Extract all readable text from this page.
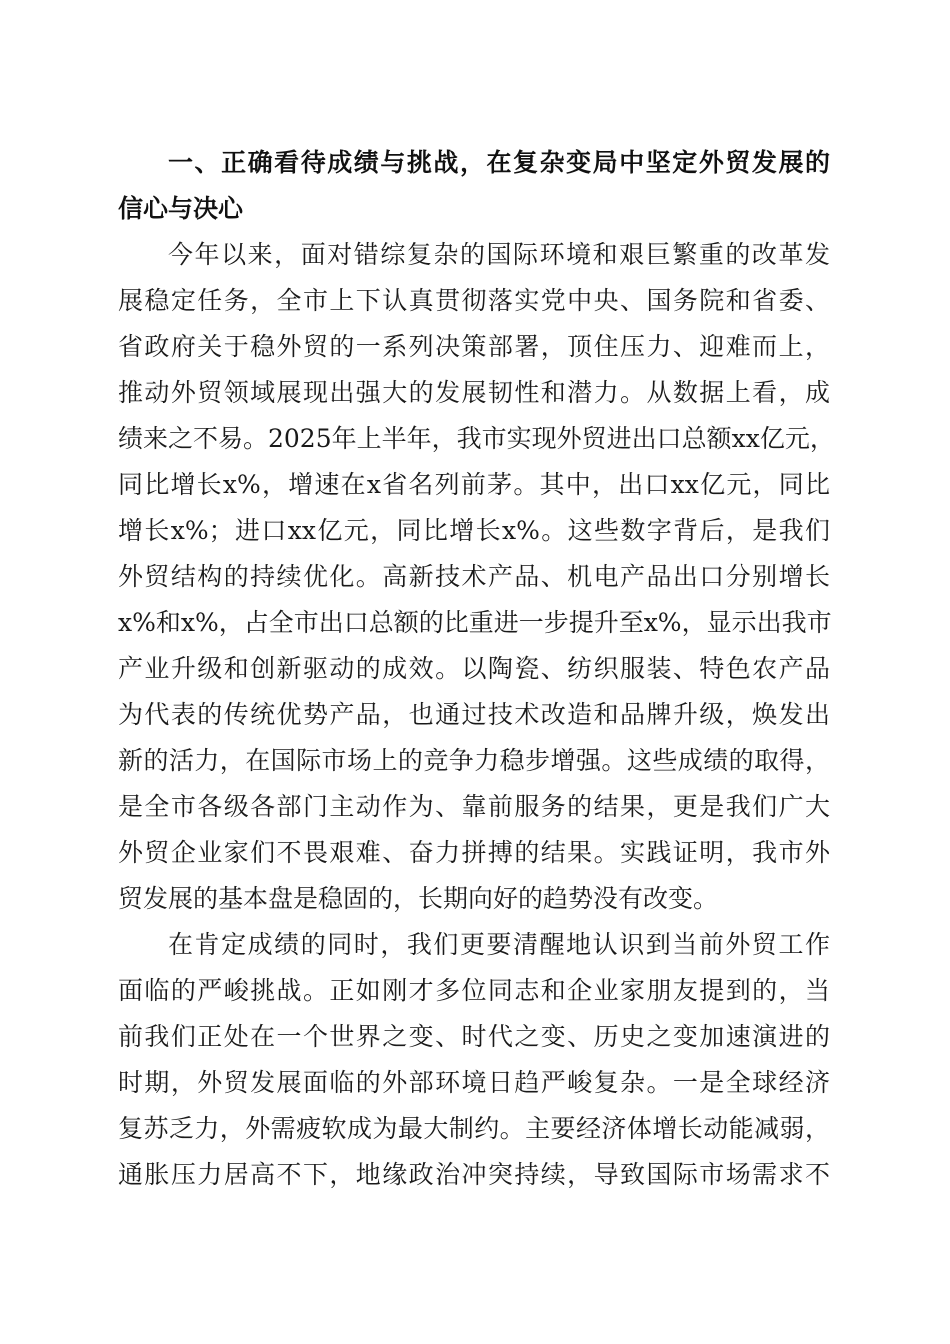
一、正确看待成绩与挑战，在复杂变局中坚定外贸发展的
信心与决心
今年以来，面对错综复杂的国际环境和艰巨繁重的改革发
展稳定任务，全市上下认真贯彻落实党中央、国务院和省委、
省政府关于稳外贸的一系列决策部署，顶住压力、迎难而上，
推动外贸领域展现出强大的发展韧性和潜力。从数据上看，成
绩来之不易。2025年上半年，我市实现外贸进出口总额xx亿元，
同比增长x%，增速在x省名列前茅。其中，出口xx亿元，同比
增长x%；进口xx亿元，同比增长x%。这些数字背后，是我们
外贸结构的持续优化。高新技术产品、机电产品出口分别增长
x%和x%，占全市出口总额的比重进一步提升至x%，显示出我市
产业升级和创新驱动的成效。以陶瓷、纺织服装、特色农产品
为代表的传统优势产品，也通过技术改造和品牌升级，焕发出
新的活力，在国际市场上的竞争力稳步增强。这些成绩的取得，
是全市各级各部门主动作为、靠前服务的结果，更是我们广大
外贸企业家们不畏艰难、奋力拼搏的结果。实践证明，我市外
贸发展的基本盘是稳固的，长期向好的趋势没有改变。
在肯定成绩的同时，我们更要清醒地认识到当前外贸工作
面临的严峻挑战。正如刚才多位同志和企业家朋友提到的，当
前我们正处在一个世界之变、时代之变、历史之变加速演进的
时期，外贸发展面临的外部环境日趋严峻复杂。一是全球经济
复苏乏力，外需疲软成为最大制约。主要经济体增长动能减弱，
通胀压力居高不下，地缘政治冲突持续，导致国际市场需求不
